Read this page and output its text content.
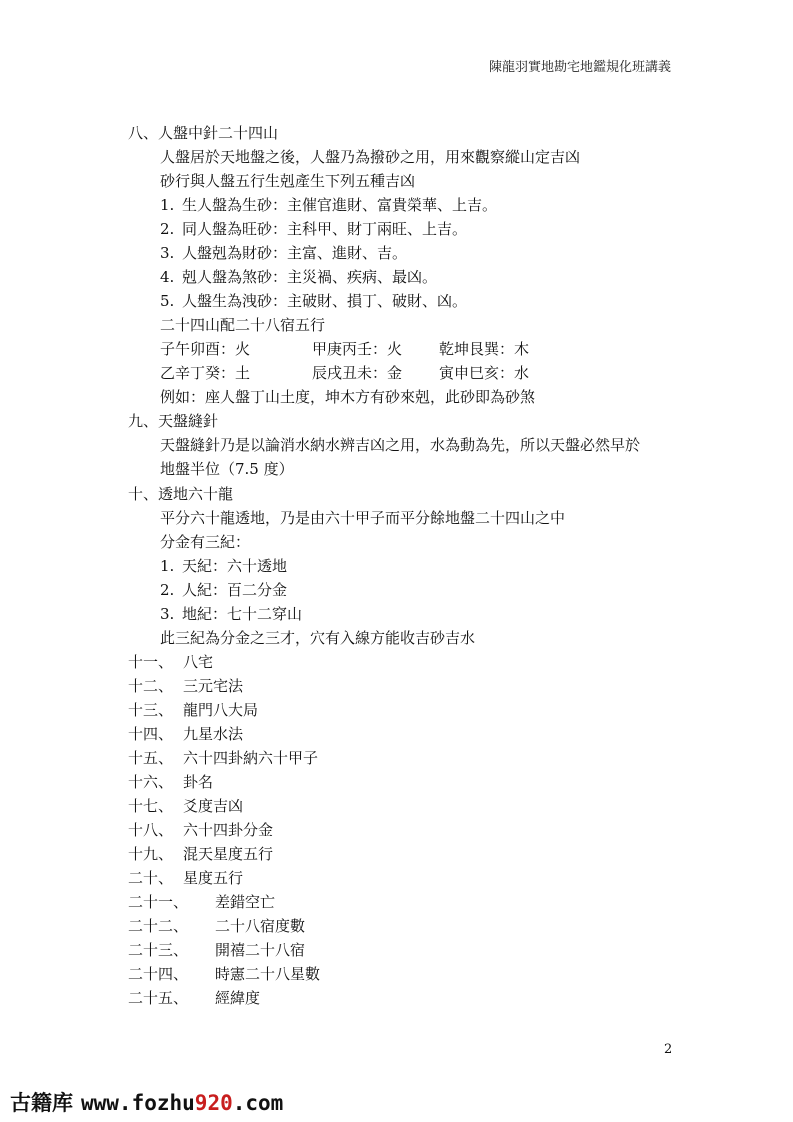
陳龍羽實地勘宅地鑑規化班講義
八、人盤中針二十四山
人盤居於天地盤之後，人盤乃為撥砂之用，用來觀察縱山定吉凶
砂行與人盤五行生剋產生下列五種吉凶
1. 生人盤為生砂：主催官進財、富貴榮華、上吉。
2. 同人盤為旺砂：主科甲、財丁兩旺、上吉。
3. 人盤剋為財砂：主富、進財、吉。
4. 剋人盤為煞砂：主災禍、疾病、最凶。
5. 人盤生為洩砂：主破財、損丁、破財、凶。
二十四山配二十八宿五行
子午卯酉：火	甲庚丙壬：火 乾坤艮巽：木
乙辛丁癸：土	辰戌丑未：金 寅申巳亥：水
例如：座人盤丁山土度，坤木方有砂來剋，此砂即為砂煞
九、天盤縫針
天盤縫針乃是以論消水納水辨吉凶之用，水為動為先，所以天盤必然早於
地盤半位（7.5 度）
十、透地六十龍
平分六十龍透地，乃是由六十甲子而平分餘地盤二十四山之中
分金有三紀：
1. 天紀：六十透地
2. 人紀：百二分金
3. 地紀：七十二穿山
此三紀為分金之三才，穴有入線方能收吉砂吉水
十一、 八宅
十二、 三元宅法
十三、 龍門八大局
十四、 九星水法
十五、 六十四卦納六十甲子
十六、 卦名
十七、 爻度吉凶
十八、 六十四卦分金
十九、 混天星度五行
二十、 星度五行
二十一、 差錯空亡
二十二、 二十八宿度數
二十三、 開禧二十八宿
二十四、 時憲二十八星數
二十五、 經緯度
2
古籍库 www.fozhu920.com
